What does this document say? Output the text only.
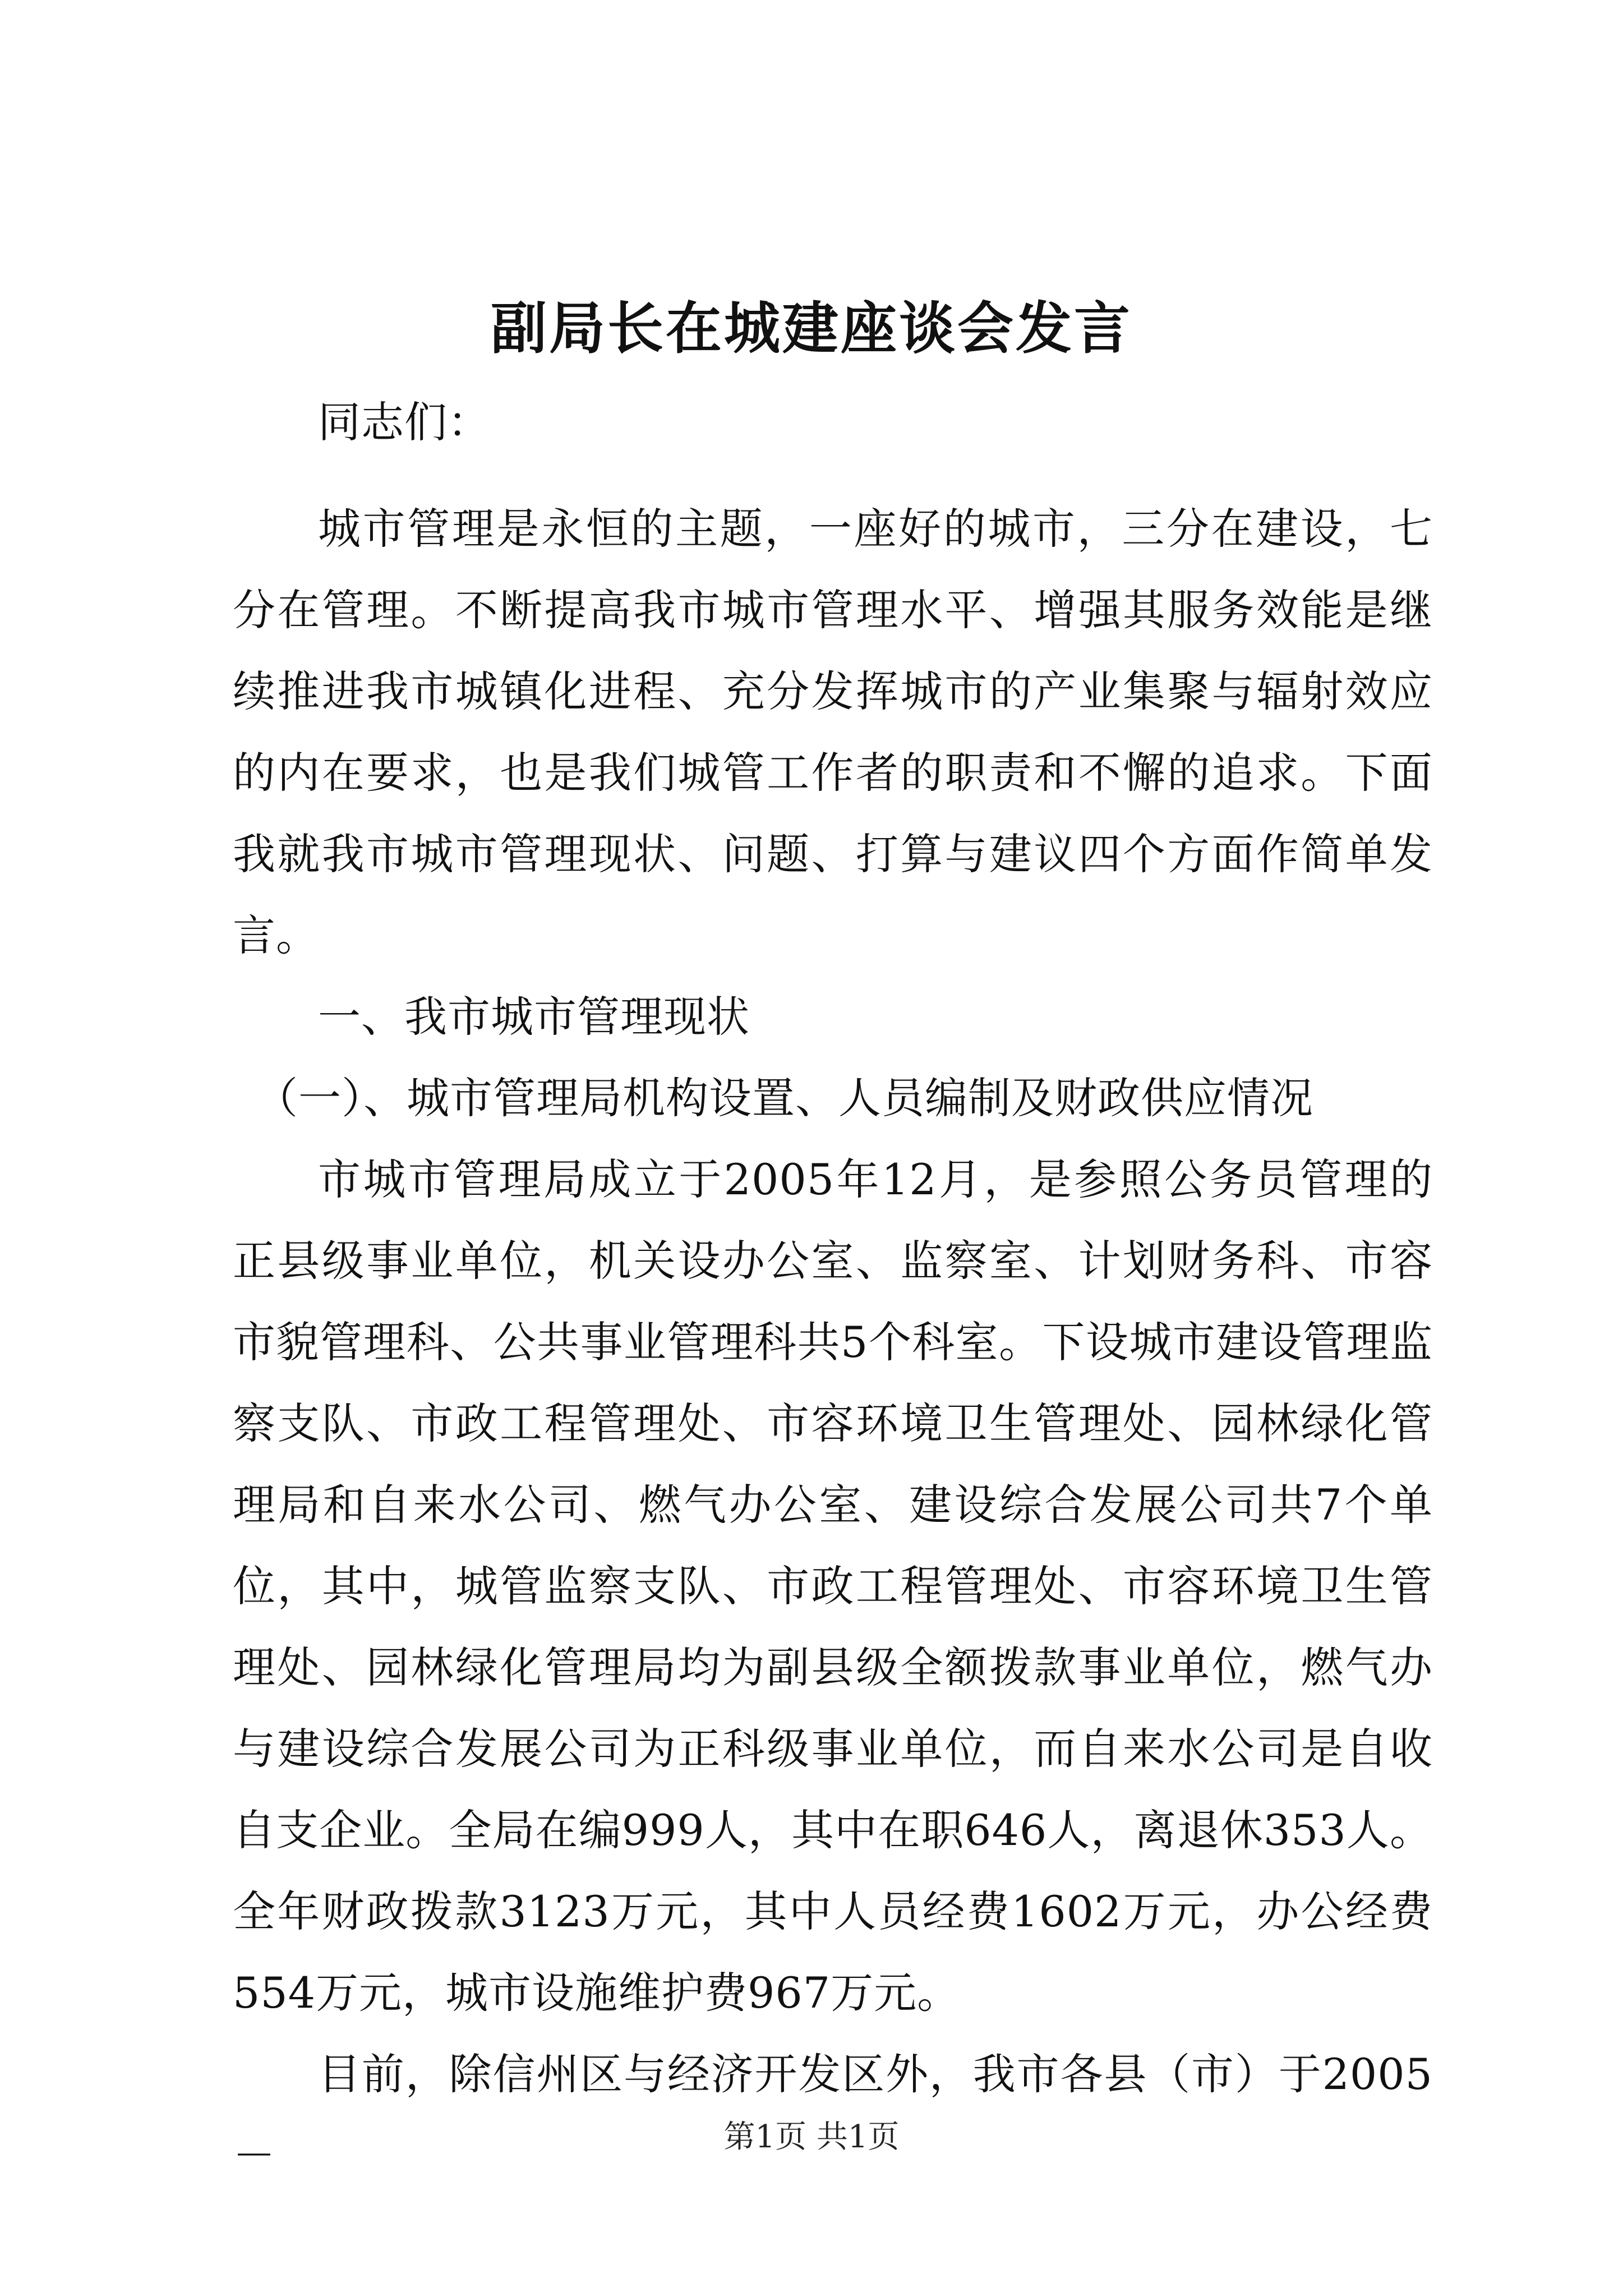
副局长在城建座谈会发言

同志们：

城市管理是永恒的主题，一座好的城市，三分在建设，七分在管理。不断提高我市城市管理水平、增强其服务效能是继续推进我市城镇化进程、充分发挥城市的产业集聚与辐射效应的内在要求，也是我们城管工作者的职责和不懈的追求。下面我就我市城市管理现状、问题、打算与建议四个方面作简单发言。

一、我市城市管理现状

（一）、城市管理局机构设置、人员编制及财政供应情况

市城市管理局成立于2005年12月，是参照公务员管理的正县级事业单位，机关设办公室、监察室、计划财务科、市容市貌管理科、公共事业管理科共5个科室。下设城市建设管理监察支队、市政工程管理处、市容环境卫生管理处、园林绿化管理局和自来水公司、燃气办公室、建设综合发展公司共7个单位，其中，城管监察支队、市政工程管理处、市容环境卫生管理处、园林绿化管理局均为副县级全额拨款事业单位，燃气办与建设综合发展公司为正科级事业单位，而自来水公司是自收自支企业。全局在编999人，其中在职646人，离退休353人。全年财政拨款3123万元，其中人员经费1602万元，办公经费554万元，城市设施维护费967万元。

目前，除信州区与经济开发区外，我市各县（市）于2005－	第1页 共1页
